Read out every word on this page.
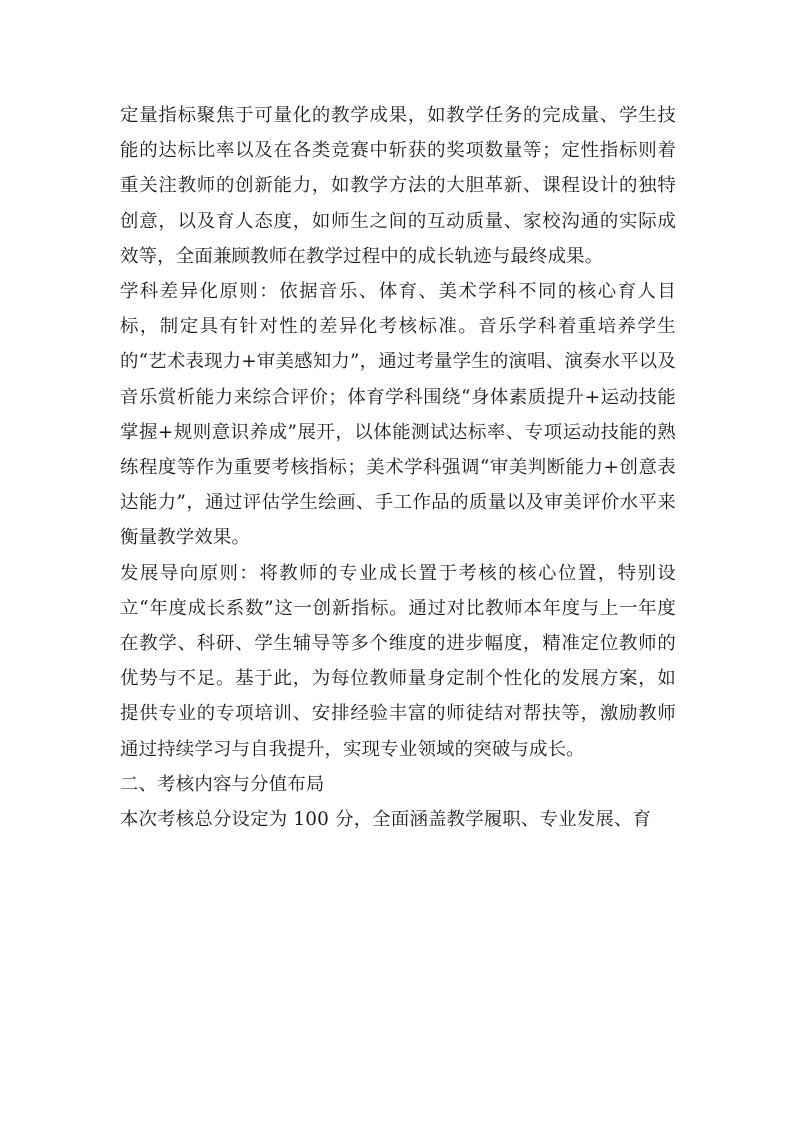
定量指标聚焦于可量化的教学成果，如教学任务的完成量、学生技能的达标比率以及在各类竞赛中斩获的奖项数量等；定性指标则着重关注教师的创新能力，如教学方法的大胆革新、课程设计的独特创意，以及育人态度，如师生之间的互动质量、家校沟通的实际成效等，全面兼顾教师在教学过程中的成长轨迹与最终成果。

学科差异化原则：依据音乐、体育、美术学科不同的核心育人目标，制定具有针对性的差异化考核标准。音乐学科着重培养学生的“艺术表现力+审美感知力”，通过考量学生的演唱、演奏水平以及音乐赏析能力来综合评价；体育学科围绕“身体素质提升+运动技能掌握+规则意识养成”展开，以体能测试达标率、专项运动技能的熟练程度等作为重要考核指标；美术学科强调“审美判断能力+创意表达能力”，通过评估学生绘画、手工作品的质量以及审美评价水平来衡量教学效果。

发展导向原则：将教师的专业成长置于考核的核心位置，特别设立“年度成长系数”这一创新指标。通过对比教师本年度与上一年度在教学、科研、学生辅导等多个维度的进步幅度，精准定位教师的优势与不足。基于此，为每位教师量身定制个性化的发展方案，如提供专业的专项培训、安排经验丰富的师徒结对帮扶等，激励教师通过持续学习与自我提升，实现专业领域的突破与成长。

二、考核内容与分值布局

本次考核总分设定为 100 分，全面涵盖教学履职、专业发展、育
